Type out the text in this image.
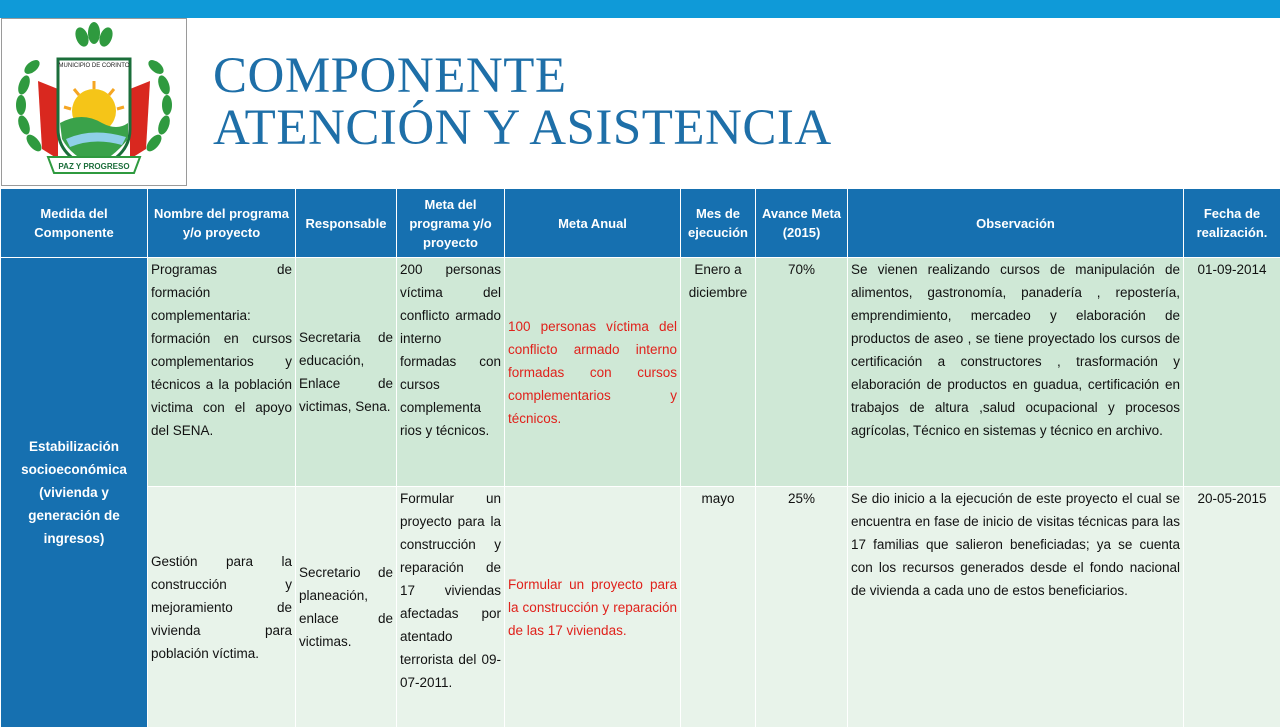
MUNICIPIO DE CORINTO
PAZ Y PROGRESO
COMPONENTE
ATENCIÓN Y ASISTENCIA
Medida del Componente	Nombre del programa y/o proyecto	Responsable	Meta del programa y/o proyecto	Meta Anual	Mes de ejecución	Avance Meta (2015)	Observación	Fecha de realización.
Estabilización socioeconómica (vivienda y generación de ingresos)	Programas de formación complementaria: formación en cursos complementarios y técnicos a la población victima con el apoyo del SENA.	Secretaria de educación, Enlace de victimas, Sena.	200 personas víctima del conflicto armado interno formadas con cursos complementa rios y técnicos.	100 personas víctima del conflicto armado interno formadas con cursos complementarios y técnicos.	Enero a diciembre	70%	Se vienen realizando cursos de manipulación de alimentos, gastronomía, panadería , repostería, emprendimiento, mercadeo y elaboración de productos de aseo , se tiene proyectado los cursos de certificación a constructores , trasformación y elaboración de productos en guadua, certificación en trabajos de altura ,salud ocupacional y procesos agrícolas, Técnico en sistemas y técnico en archivo.	01-09-2014
	Gestión para la construcción y mejoramiento de vivienda para población víctima.	Secretario de planeación, enlace de victimas.	Formular un proyecto para la construcción y reparación de 17 viviendas afectadas por atentado terrorista del 09-07-2011.	Formular un proyecto para la construcción y reparación de las 17 viviendas.	mayo	25%	Se dio inicio a la ejecución de este proyecto el cual se encuentra en fase de inicio de visitas técnicas para las 17 familias que salieron beneficiadas; ya se cuenta con los recursos generados desde el fondo nacional de vivienda a cada uno de estos beneficiarios.	20-05-2015
